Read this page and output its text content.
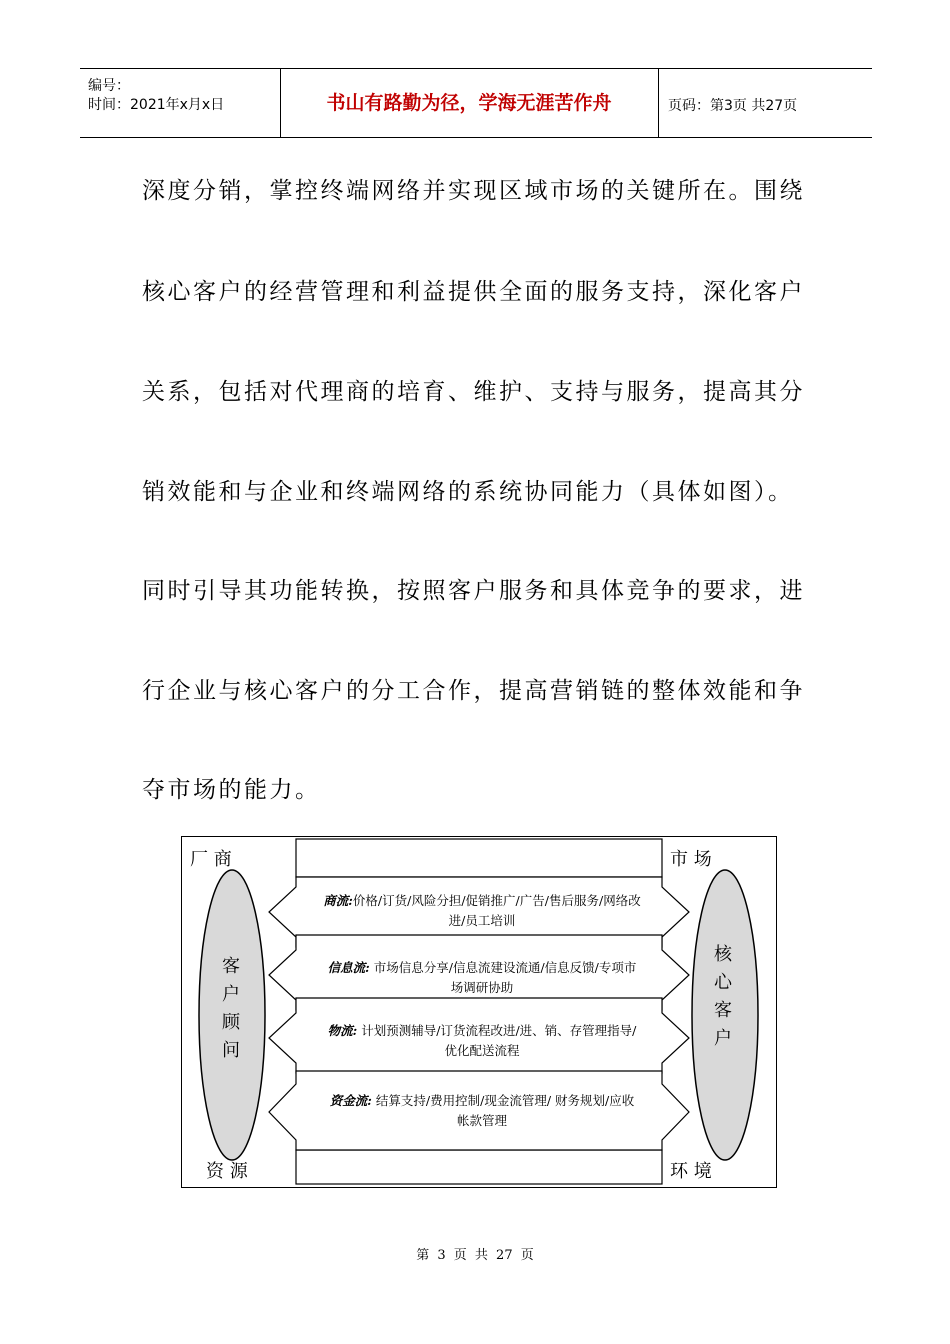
编号：
时间：2021年x月x日	书山有路勤为径，学海无涯苦作舟	页码：第3页 共27页
深度分销，掌控终端网络并实现区域市场的关键所在。围绕
核心客户的经营管理和利益提供全面的服务支持，深化客户
关系，包括对代理商的培育、维护、支持与服务，提高其分
销效能和与企业和终端网络的系统协同能力（具体如图）。
同时引导其功能转换，按照客户服务和具体竞争的要求，进
行企业与核心客户的分工合作，提高营销链的整体效能和争
夺市场的能力。
厂 商	市 场
资 源	环 境
客
户
顾
问
核
心
客
户
商流:价格/订货/风险分担/促销推广/广告/售后服务/网络改
进/员工培训
信息流: 市场信息分享/信息流建设流通/信息反馈/专项市
场调研协助
物流: 计划预测辅导/订货流程改进/进、销、存管理指导/
优化配送流程
资金流: 结算支持/费用控制/现金流管理/ 财务规划/应收
帐款管理
第 3 页 共 27 页
